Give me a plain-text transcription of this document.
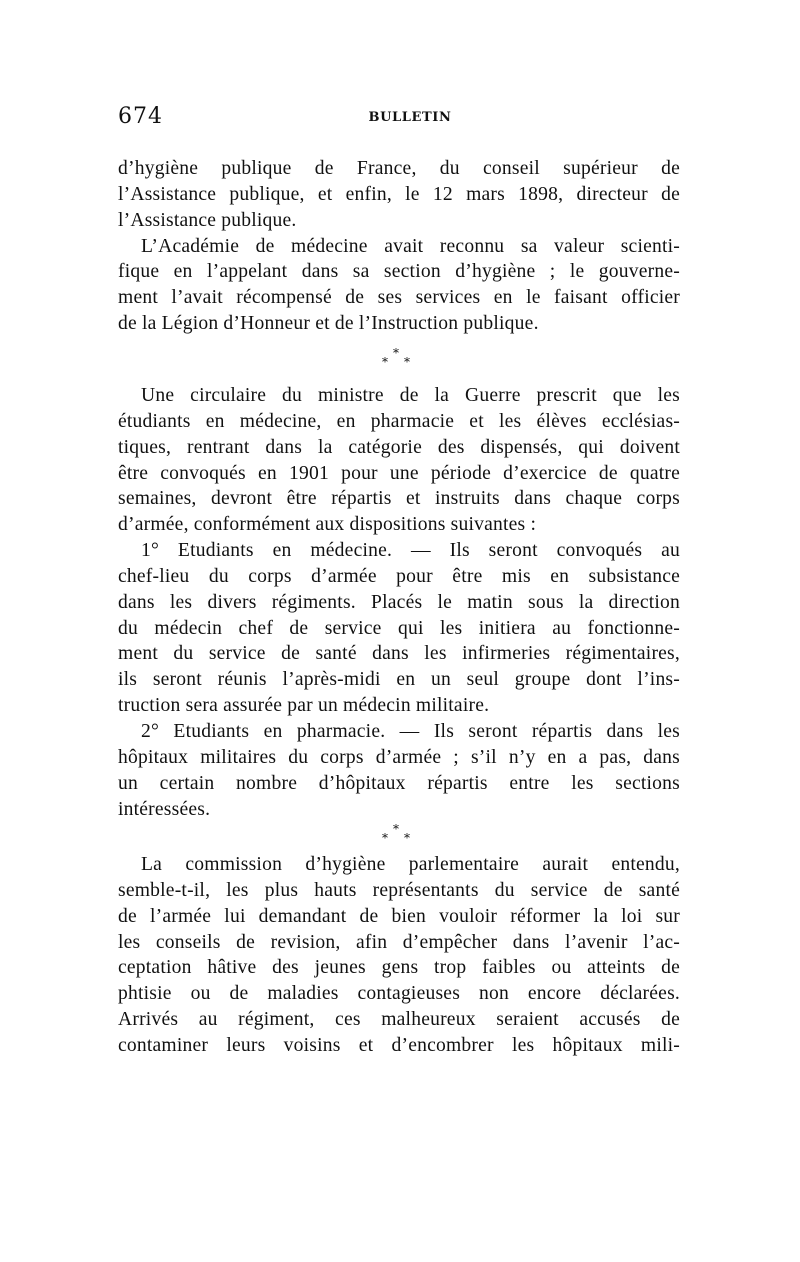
674	BULLETIN
d’hygiène publique de France, du conseil supérieur de
l’Assistance publique, et enfin, le 12 mars 1898, directeur de
l’Assistance publique.
L’Académie de médecine avait reconnu sa valeur scienti-
fique en l’appelant dans sa section d’hygiène ; le gouverne-
ment l’avait récompensé de ses services en le faisant officier
de la Légion d’Honneur et de l’Instruction publique.
*
* *
Une circulaire du ministre de la Guerre prescrit que les
étudiants en médecine, en pharmacie et les élèves ecclésias-
tiques, rentrant dans la catégorie des dispensés, qui doivent
être convoqués en 1901 pour une période d’exercice de quatre
semaines, devront être répartis et instruits dans chaque corps
d’armée, conformément aux dispositions suivantes :
1° Etudiants en médecine. — Ils seront convoqués au
chef-lieu du corps d’armée pour être mis en subsistance
dans les divers régiments. Placés le matin sous la direction
du médecin chef de service qui les initiera au fonctionne-
ment du service de santé dans les infirmeries régimentaires,
ils seront réunis l’après-midi en un seul groupe dont l’ins-
truction sera assurée par un médecin militaire.
2° Etudiants en pharmacie. — Ils seront répartis dans les
hôpitaux militaires du corps d’armée ; s’il n’y en a pas, dans
un certain nombre d’hôpitaux répartis entre les sections
intéressées.
*
* *
La commission d’hygiène parlementaire aurait entendu,
semble-t-il, les plus hauts représentants du service de santé
de l’armée lui demandant de bien vouloir réformer la loi sur
les conseils de revision, afin d’empêcher dans l’avenir l’ac-
ceptation hâtive des jeunes gens trop faibles ou atteints de
phtisie ou de maladies contagieuses non encore déclarées.
Arrivés au régiment, ces malheureux seraient accusés de
contaminer leurs voisins et d’encombrer les hôpitaux mili-
